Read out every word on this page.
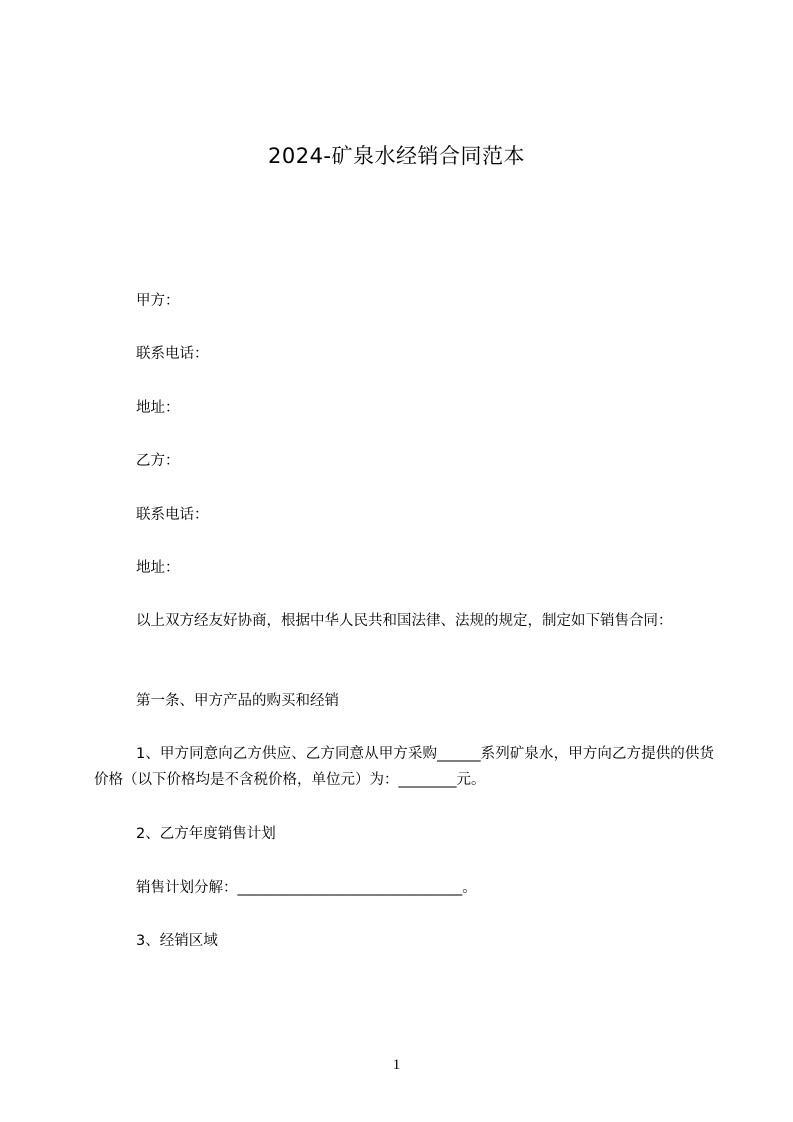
2024-矿泉水经销合同范本
甲方：
联系电话：
地址：
乙方：
联系电话：
地址：
以上双方经友好协商，根据中华人民共和国法律、法规的规定，制定如下销售合同：
第一条、甲方产品的购买和经销
1、甲方同意向乙方供应、乙方同意从甲方采购______系列矿泉水，甲方向乙方提供的供货价格（以下价格均是不含税价格，单位元）为：________元。
2、乙方年度销售计划
销售计划分解：_______________________________。
3、经销区域
1
